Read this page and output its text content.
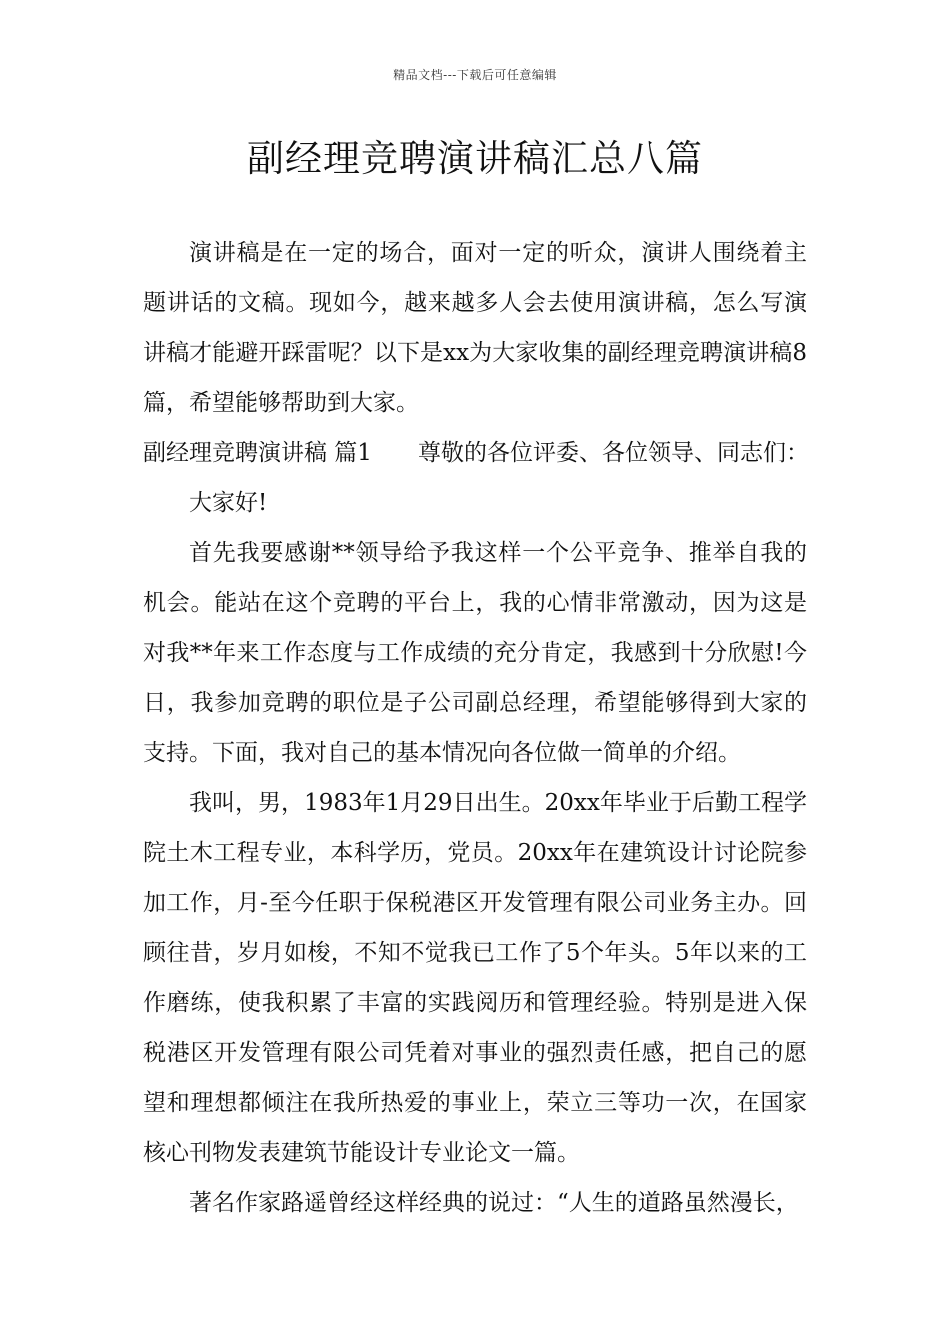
精品文档---下载后可任意编辑
副经理竞聘演讲稿汇总八篇

演讲稿是在一定的场合，面对一定的听众，演讲人围绕着主题讲话的文稿。现如今，越来越多人会去使用演讲稿，怎么写演讲稿才能避开踩雷呢？以下是xx为大家收集的副经理竞聘演讲稿8篇，希望能够帮助到大家。

副经理竞聘演讲稿 篇1 尊敬的各位评委、各位领导、同志们：

大家好!

首先我要感谢**领导给予我这样一个公平竞争、推举自我的机会。能站在这个竞聘的平台上，我的心情非常激动，因为这是对我**年来工作态度与工作成绩的充分肯定，我感到十分欣慰!今日，我参加竞聘的职位是子公司副总经理，希望能够得到大家的支持。下面，我对自己的基本情况向各位做一简单的介绍。

我叫，男，1983年1月29日出生。20xx年毕业于后勤工程学院土木工程专业，本科学历，党员。20xx年在建筑设计讨论院参加工作，月-至今任职于保税港区开发管理有限公司业务主办。回顾往昔，岁月如梭，不知不觉我已工作了5个年头。5年以来的工作磨练，使我积累了丰富的实践阅历和管理经验。特别是进入保税港区开发管理有限公司凭着对事业的强烈责任感，把自己的愿望和理想都倾注在我所热爱的事业上，荣立三等功一次，在国家核心刊物发表建筑节能设计专业论文一篇。

著名作家路遥曾经这样经典的说过：“人生的道路虽然漫长，
